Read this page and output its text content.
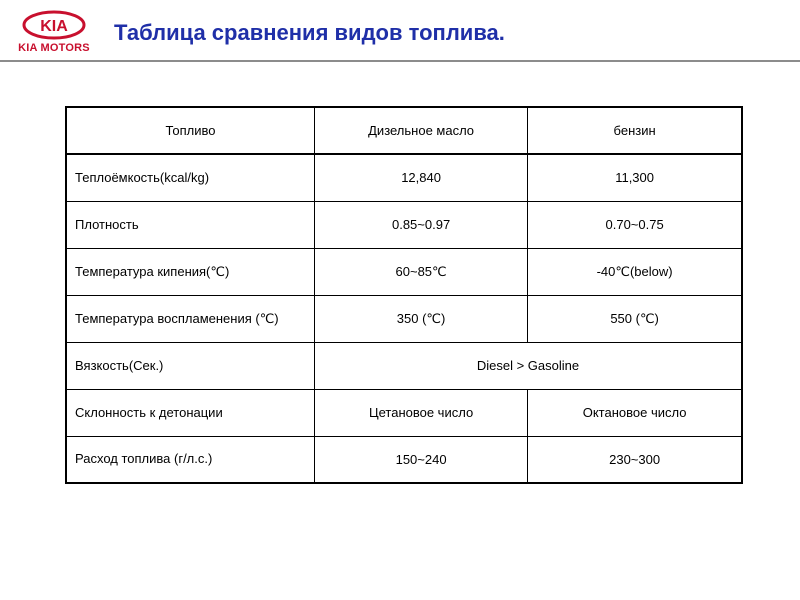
KIA
KIA MOTORS
Таблица сравнения видов топлива.
Топливо	Дизельное масло	бензин
Теплоёмкость(kcal/kg)	12,840	11,300
Плотность	0.85~0.97	0.70~0.75
Температура кипения(℃)	60~85℃	-40℃(below)
Температура воспламенения (℃)	350 (℃)	550 (℃)
Вязкость(Сек.)	Diesel > Gasoline	
Склонность к детонации	Цетановое число	Октановое число
Расход топлива (г/л.с.)	150~240	230~300
